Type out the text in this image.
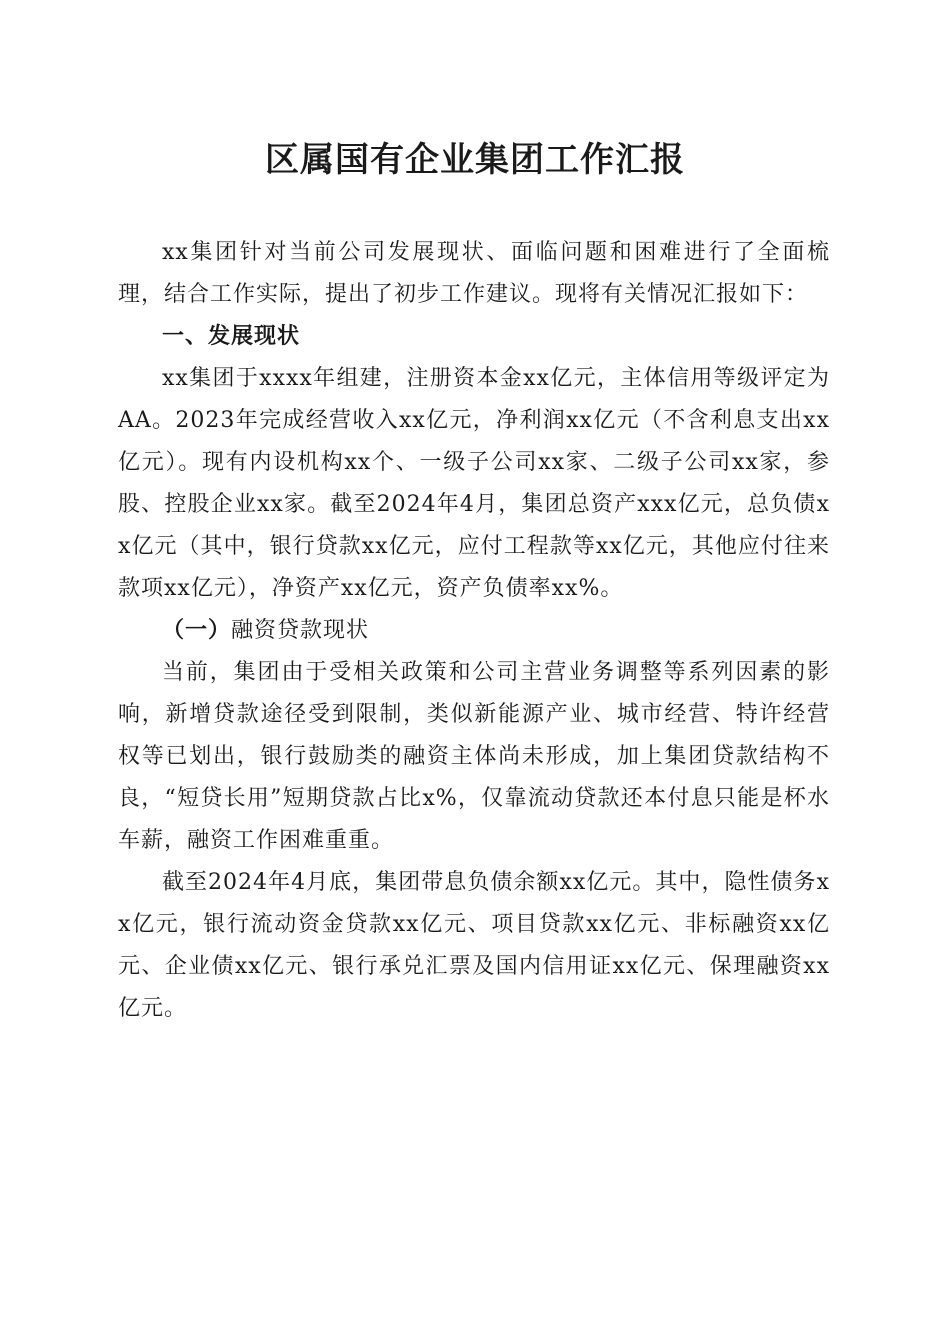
区属国有企业集团工作汇报

xx集团针对当前公司发展现状、面临问题和困难进行了全面梳理，结合工作实际，提出了初步工作建议。现将有关情况汇报如下：

一、发展现状

xx集团于xxxx年组建，注册资本金xx亿元，主体信用等级评定为AA。2023年完成经营收入xx亿元，净利润xx亿元（不含利息支出xx亿元）。现有内设机构xx个、一级子公司xx家、二级子公司xx家，参股、控股企业xx家。截至2024年4月，集团总资产xxx亿元，总负债xx亿元（其中，银行贷款xx亿元，应付工程款等xx亿元，其他应付往来款项xx亿元），净资产xx亿元，资产负债率xx%。

（一）融资贷款现状

当前，集团由于受相关政策和公司主营业务调整等系列因素的影响，新增贷款途径受到限制，类似新能源产业、城市经营、特许经营权等已划出，银行鼓励类的融资主体尚未形成，加上集团贷款结构不良，“短贷长用”短期贷款占比x%，仅靠流动贷款还本付息只能是杯水车薪，融资工作困难重重。

截至2024年4月底，集团带息负债余额xx亿元。其中，隐性债务xx亿元，银行流动资金贷款xx亿元、项目贷款xx亿元、非标融资xx亿元、企业债xx亿元、银行承兑汇票及国内信用证xx亿元、保理融资xx亿元。
